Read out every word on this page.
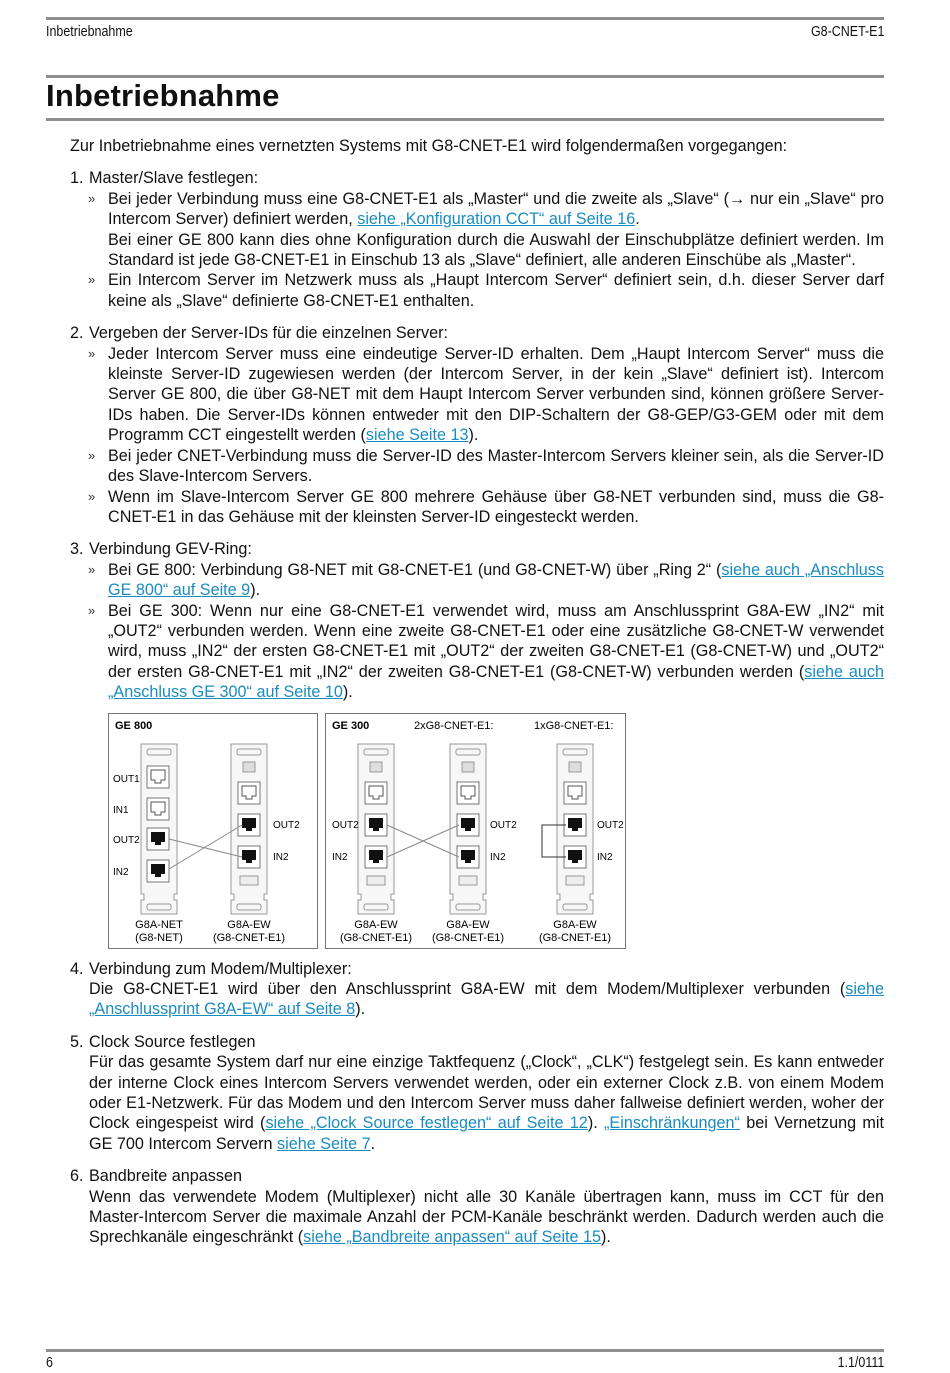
Inbetriebnahme	G8-CNET-E1
Inbetriebnahme

Zur Inbetriebnahme eines vernetzten Systems mit G8-CNET-E1 wird folgendermaßen vorgegangen:

1. Master/Slave festlegen:
» Bei jeder Verbindung muss eine G8-CNET-E1 als „Master“ und die zweite als „Slave“ (→ nur ein „Slave“ pro Intercom Server) definiert werden, siehe „Konfiguration CCT“ auf Seite 16.
Bei einer GE 800 kann dies ohne Konfiguration durch die Auswahl der Einschubplätze definiert werden. Im Standard ist jede G8-CNET-E1 in Einschub 13 als „Slave“ definiert, alle anderen Einschübe als „Master“.
» Ein Intercom Server im Netzwerk muss als „Haupt Intercom Server“ definiert sein, d.h. dieser Server darf keine als „Slave“ definierte G8-CNET-E1 enthalten.
2. Vergeben der Server-IDs für die einzelnen Server:
» Jeder Intercom Server muss eine eindeutige Server-ID erhalten. Dem „Haupt Intercom Server“ muss die kleinste Server-ID zugewiesen werden (der Intercom Server, in der kein „Slave“ definiert ist). Intercom Server GE 800, die über G8-NET mit dem Haupt Intercom Server verbunden sind, können größere Server-IDs haben. Die Server-IDs können entweder mit den DIP-Schaltern der G8-GEP/G3-GEM oder mit dem Programm CCT eingestellt werden (siehe Seite 13).
» Bei jeder CNET-Verbindung muss die Server-ID des Master-Intercom Servers kleiner sein, als die Server-ID des Slave-Intercom Servers.
» Wenn im Slave-Intercom Server GE 800 mehrere Gehäuse über G8-NET verbunden sind, muss die G8-CNET-E1 in das Gehäuse mit der kleinsten Server-ID eingesteckt werden.
3. Verbindung GEV-Ring:
» Bei GE 800: Verbindung G8-NET mit G8-CNET-E1 (und G8-CNET-W) über „Ring 2“ (siehe auch „Anschluss GE 800“ auf Seite 9).
» Bei GE 300: Wenn nur eine G8-CNET-E1 verwendet wird, muss am Anschlussprint G8A-EW „IN2“ mit „OUT2“ verbunden werden. Wenn eine zweite G8-CNET-E1 oder eine zusätzliche G8-CNET-W verwendet wird, muss „IN2“ der ersten G8-CNET-E1 mit „OUT2“ der zweiten G8-CNET-E1 (G8-CNET-W) und „OUT2“ der ersten G8-CNET-E1 mit „IN2“ der zweiten G8-CNET-E1 (G8-CNET-W) verbunden werden (siehe auch „Anschluss GE 300“ auf Seite 10).
GE 800
OUT1
IN1
OUT2
IN2
OUT2
IN2
G8A-NET
(G8-NET)
G8A-EW
(G8-CNET-E1)
GE 300	2xG8-CNET-E1:	1xG8-CNET-E1:
OUT2
IN2
OUT2
IN2
OUT2
IN2
G8A-EW
(G8-CNET-E1)
G8A-EW
(G8-CNET-E1)
G8A-EW
(G8-CNET-E1)
4. Verbindung zum Modem/Multiplexer:
Die G8-CNET-E1 wird über den Anschlussprint G8A-EW mit dem Modem/Multiplexer verbunden (siehe „Anschlussprint G8A-EW“ auf Seite 8).
5. Clock Source festlegen
Für das gesamte System darf nur eine einzige Taktfequenz („Clock“, „CLK“) festgelegt sein. Es kann entweder der interne Clock eines Intercom Servers verwendet werden, oder ein externer Clock z.B. von einem Modem oder E1-Netzwerk. Für das Modem und den Intercom Server muss daher fallweise definiert werden, woher der Clock eingespeist wird (siehe „Clock Source festlegen“ auf Seite 12). „Einschränkungen“ bei Vernetzung mit GE 700 Intercom Servern siehe Seite 7.
6. Bandbreite anpassen
Wenn das verwendete Modem (Multiplexer) nicht alle 30 Kanäle übertragen kann, muss im CCT für den Master-Intercom Server die maximale Anzahl der PCM-Kanäle beschränkt werden. Dadurch werden auch die Sprechkanäle eingeschränkt (siehe „Bandbreite anpassen“ auf Seite 15).
6	1.1/0111
